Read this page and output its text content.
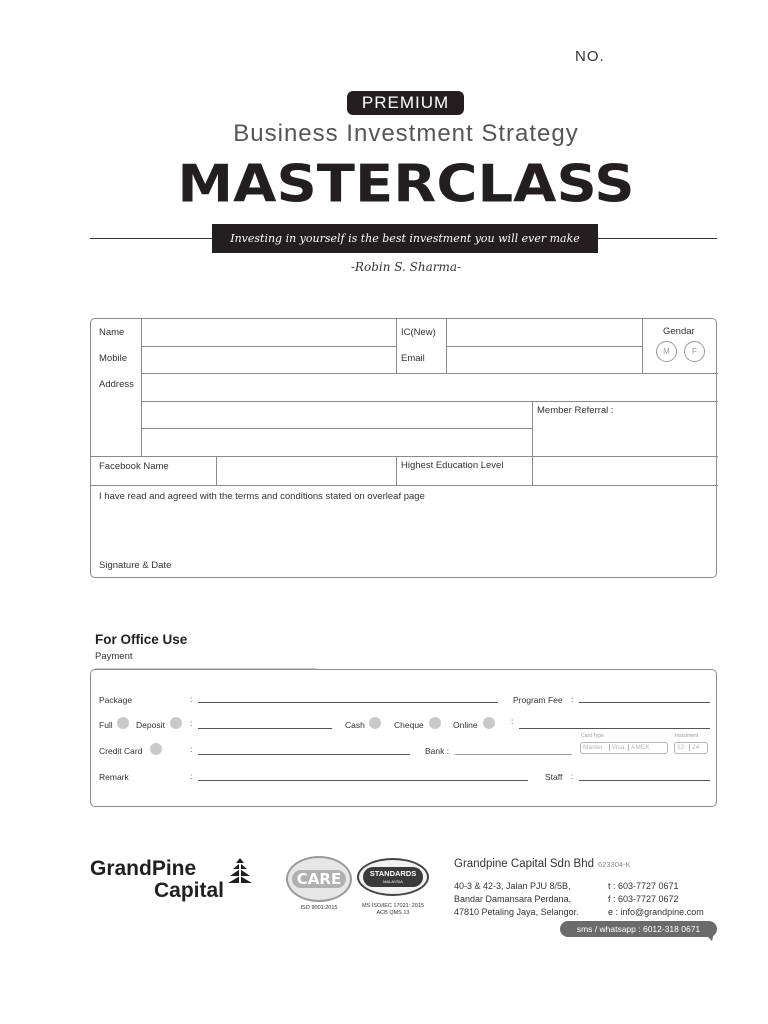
NO.
PREMIUM
Business Investment Strategy
MASTERCLASS
Investing in yourself is the best investment you will ever make
-Robin S. Sharma-
Name	IC(New)	Gendar
M	F
Mobile	Email
Address
Member Referral :
Facebook Name	Highest Education Level
I have read and agreed with the terms and conditions stated on overleaf page
Signature & Date
For Office Use
Payment
Package	:	Program Fee :
Full	Deposit	:	Cash	Cheque	Online	:
Card Type	Instalment
Credit Card	:	Bank :	Master Visa AMEX	12 24
Remark	:	Staff :
GrandPine
Capital	CARE
ISO 9001:2015
STANDARDS
MALAYSIA
MS ISO/IEC 17021: 2015
ACB QMS 13
Grandpine Capital Sdn Bhd 623304-K
40-3 & 42-3, Jalan PJU 8/5B,
Bandar Damansara Perdana,
47810 Petaling Jaya, Selangor.
t : 603-7727 0671
f : 603-7727 0672
e : info@grandpine.com
sms / whatsapp : 6012-318 0671
